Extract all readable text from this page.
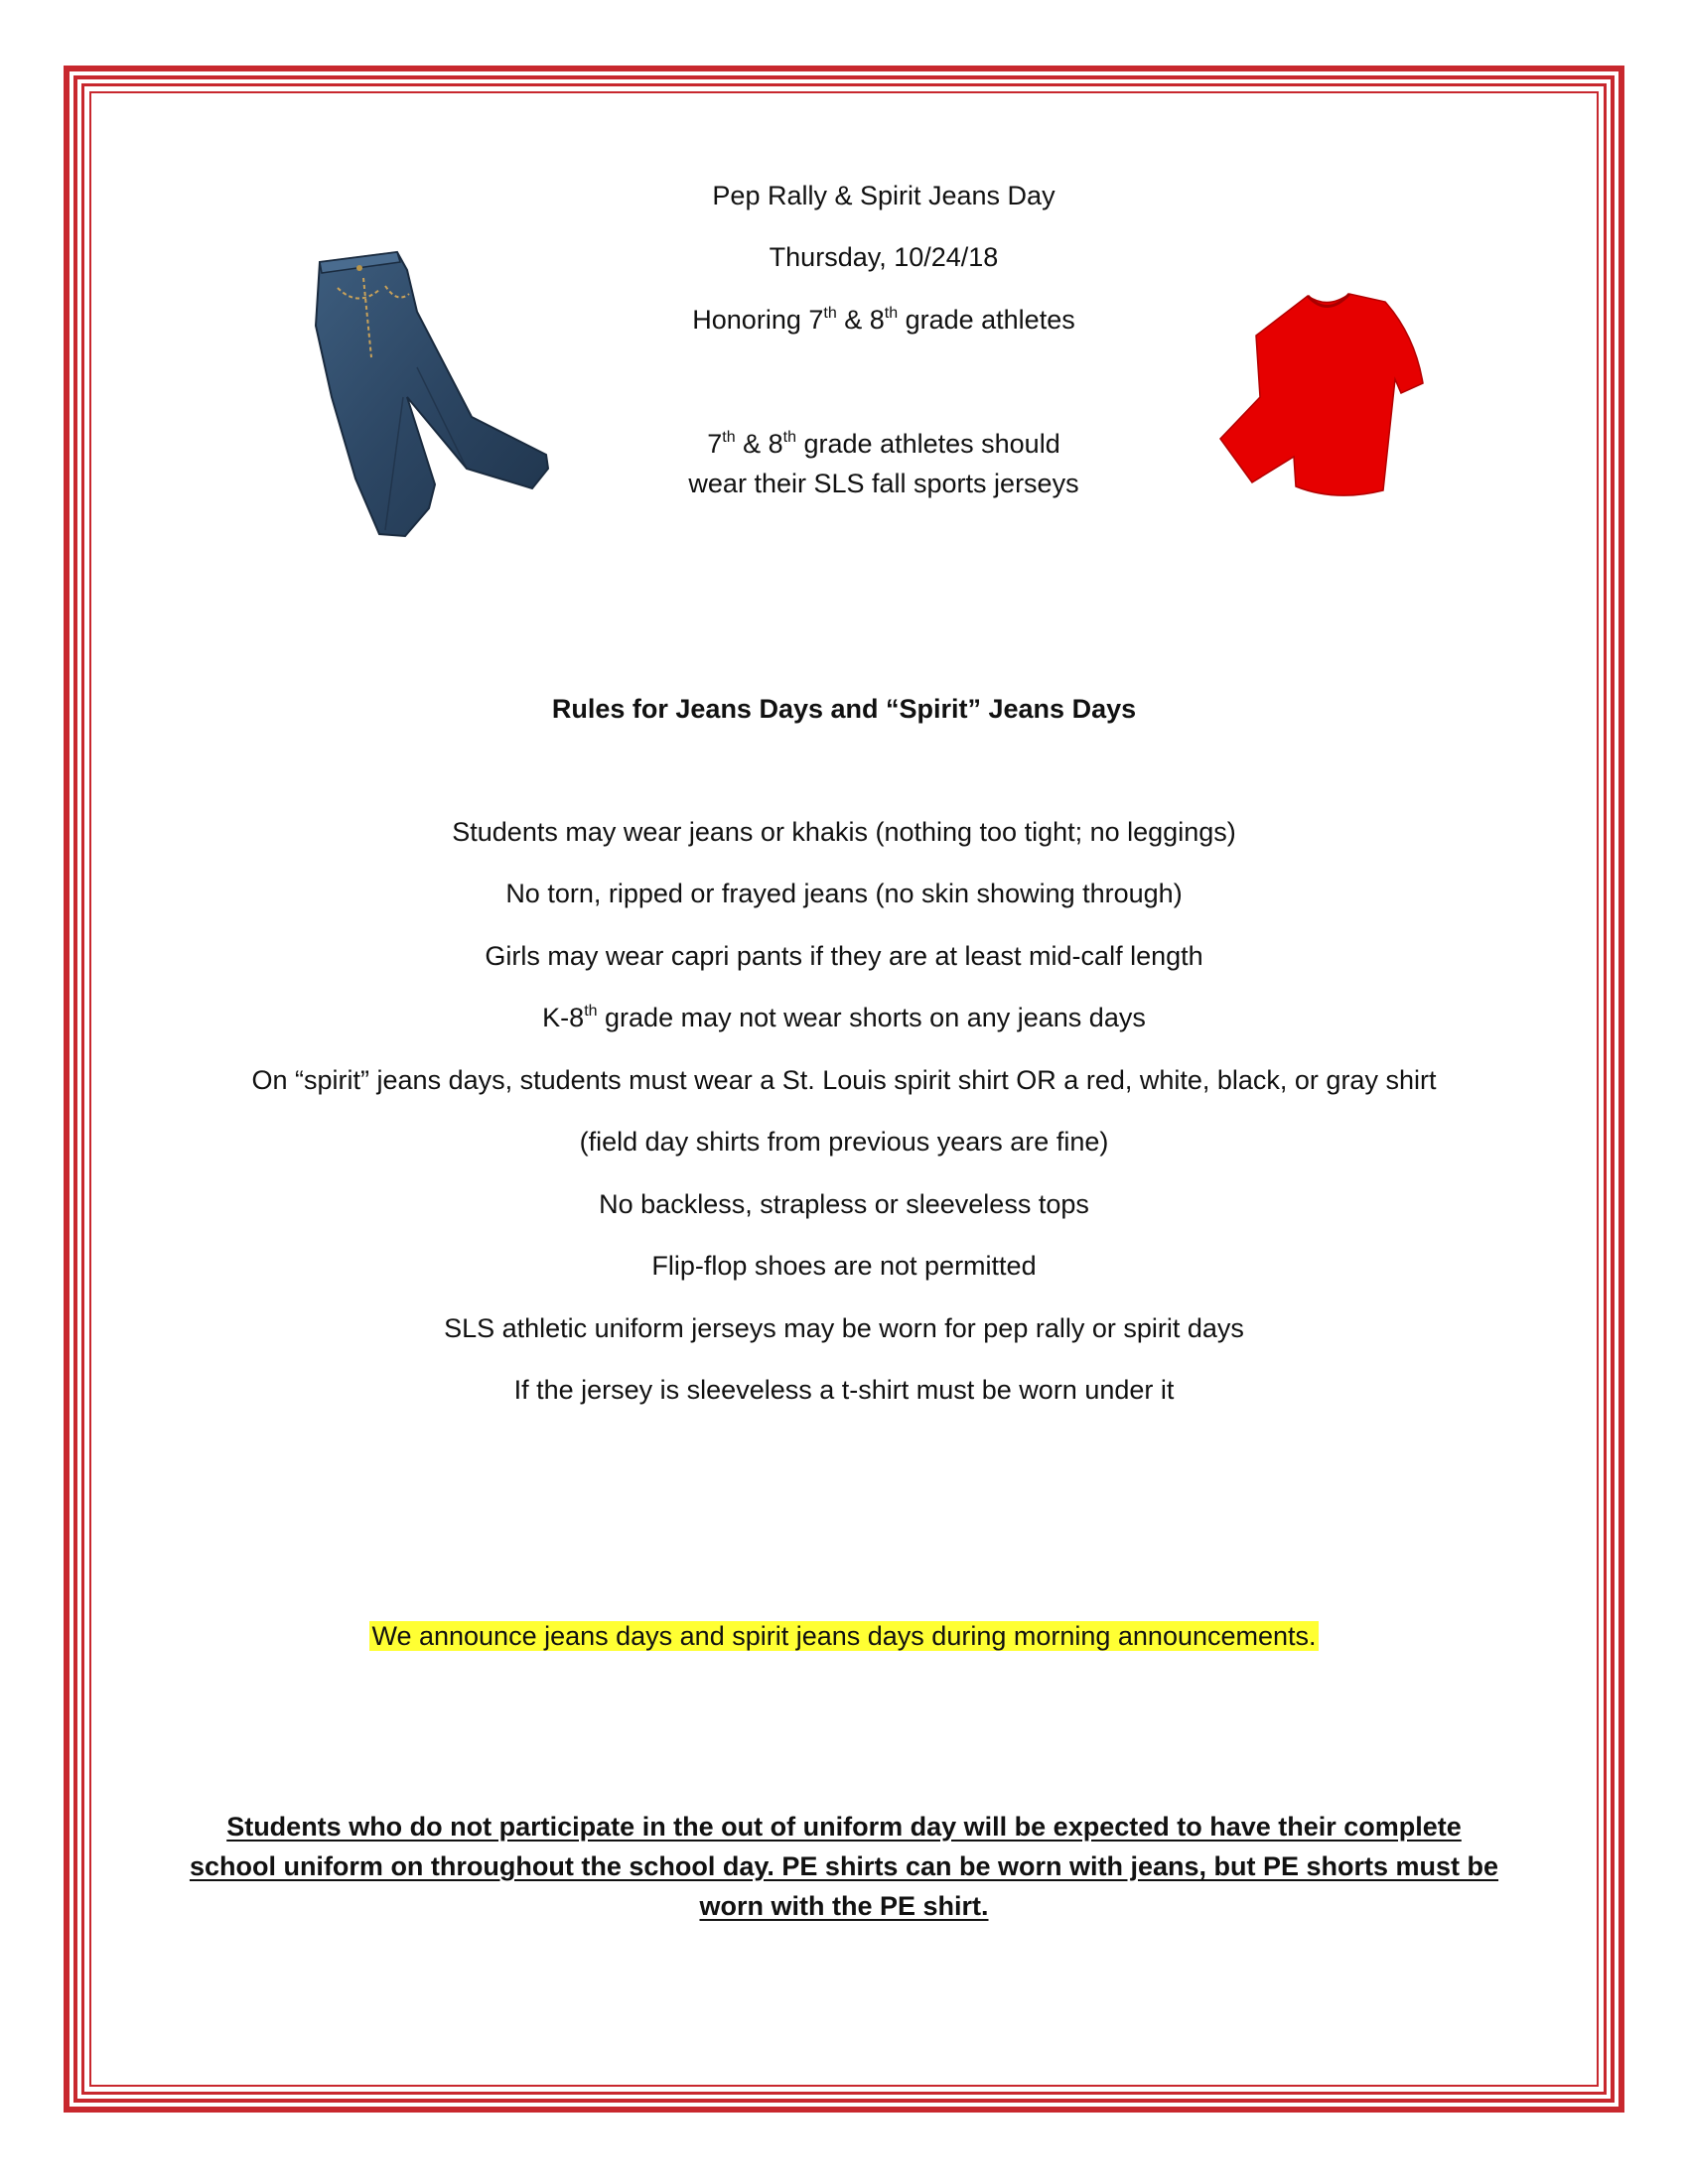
Pep Rally & Spirit Jeans Day
Thursday, 10/24/18
Honoring 7th & 8th grade athletes
7th & 8th grade athletes should
wear their SLS fall sports jerseys
Rules for Jeans Days and “Spirit” Jeans Days
Students may wear jeans or khakis (nothing too tight; no leggings)
No torn, ripped or frayed jeans (no skin showing through)
Girls may wear capri pants if they are at least mid-calf length
K-8th grade may not wear shorts on any jeans days
On “spirit” jeans days, students must wear a St. Louis spirit shirt OR a red, white, black, or gray shirt
(field day shirts from previous years are fine)
No backless, strapless or sleeveless tops
Flip-flop shoes are not permitted
SLS athletic uniform jerseys may be worn for pep rally or spirit days
If the jersey is sleeveless a t-shirt must be worn under it
We announce jeans days and spirit jeans days during morning announcements.
Students who do not participate in the out of uniform day will be expected to have their complete
school uniform on throughout the school day. PE shirts can be worn with jeans, but PE shorts must be
worn with the PE shirt.
